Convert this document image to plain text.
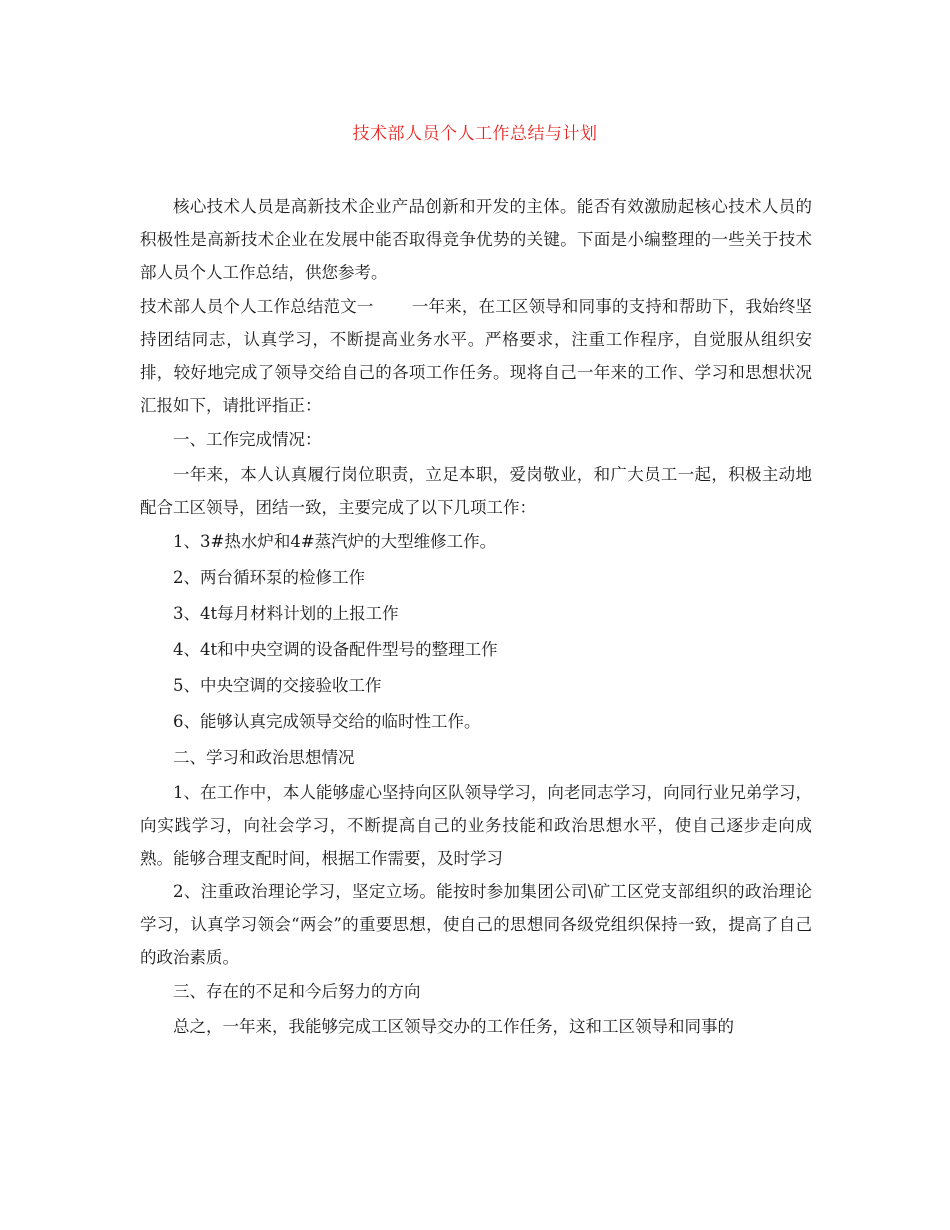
技术部人员个人工作总结与计划

核心技术人员是高新技术企业产品创新和开发的主体。能否有效激励起核心技术人员的积极性是高新技术企业在发展中能否取得竞争优势的关键。下面是小编整理的一些关于技术部人员个人工作总结，供您参考。

技术部人员个人工作总结范文一 一年来，在工区领导和同事的支持和帮助下，我始终坚持团结同志，认真学习，不断提高业务水平。严格要求，注重工作程序，自觉服从组织安排，较好地完成了领导交给自己的各项工作任务。现将自己一年来的工作、学习和思想状况汇报如下，请批评指正：

一、工作完成情况：

一年来，本人认真履行岗位职责，立足本职，爱岗敬业，和广大员工一起，积极主动地配合工区领导，团结一致，主要完成了以下几项工作：

1、3#热水炉和4#蒸汽炉的大型维修工作。

2、两台循环泵的检修工作

3、4t每月材料计划的上报工作

4、4t和中央空调的设备配件型号的整理工作

5、中央空调的交接验收工作

6、能够认真完成领导交给的临时性工作。

二、学习和政治思想情况

1、在工作中，本人能够虚心坚持向区队领导学习，向老同志学习，向同行业兄弟学习，向实践学习，向社会学习，不断提高自己的业务技能和政治思想水平，使自己逐步走向成熟。能够合理支配时间，根据工作需要，及时学习

2、注重政治理论学习，坚定立场。能按时参加集团公司\矿工区党支部组织的政治理论学习，认真学习领会“两会”的重要思想，使自己的思想同各级党组织保持一致，提高了自己的政治素质。

三、存在的不足和今后努力的方向

总之，一年来，我能够完成工区领导交办的工作任务，这和工区领导和同事的
